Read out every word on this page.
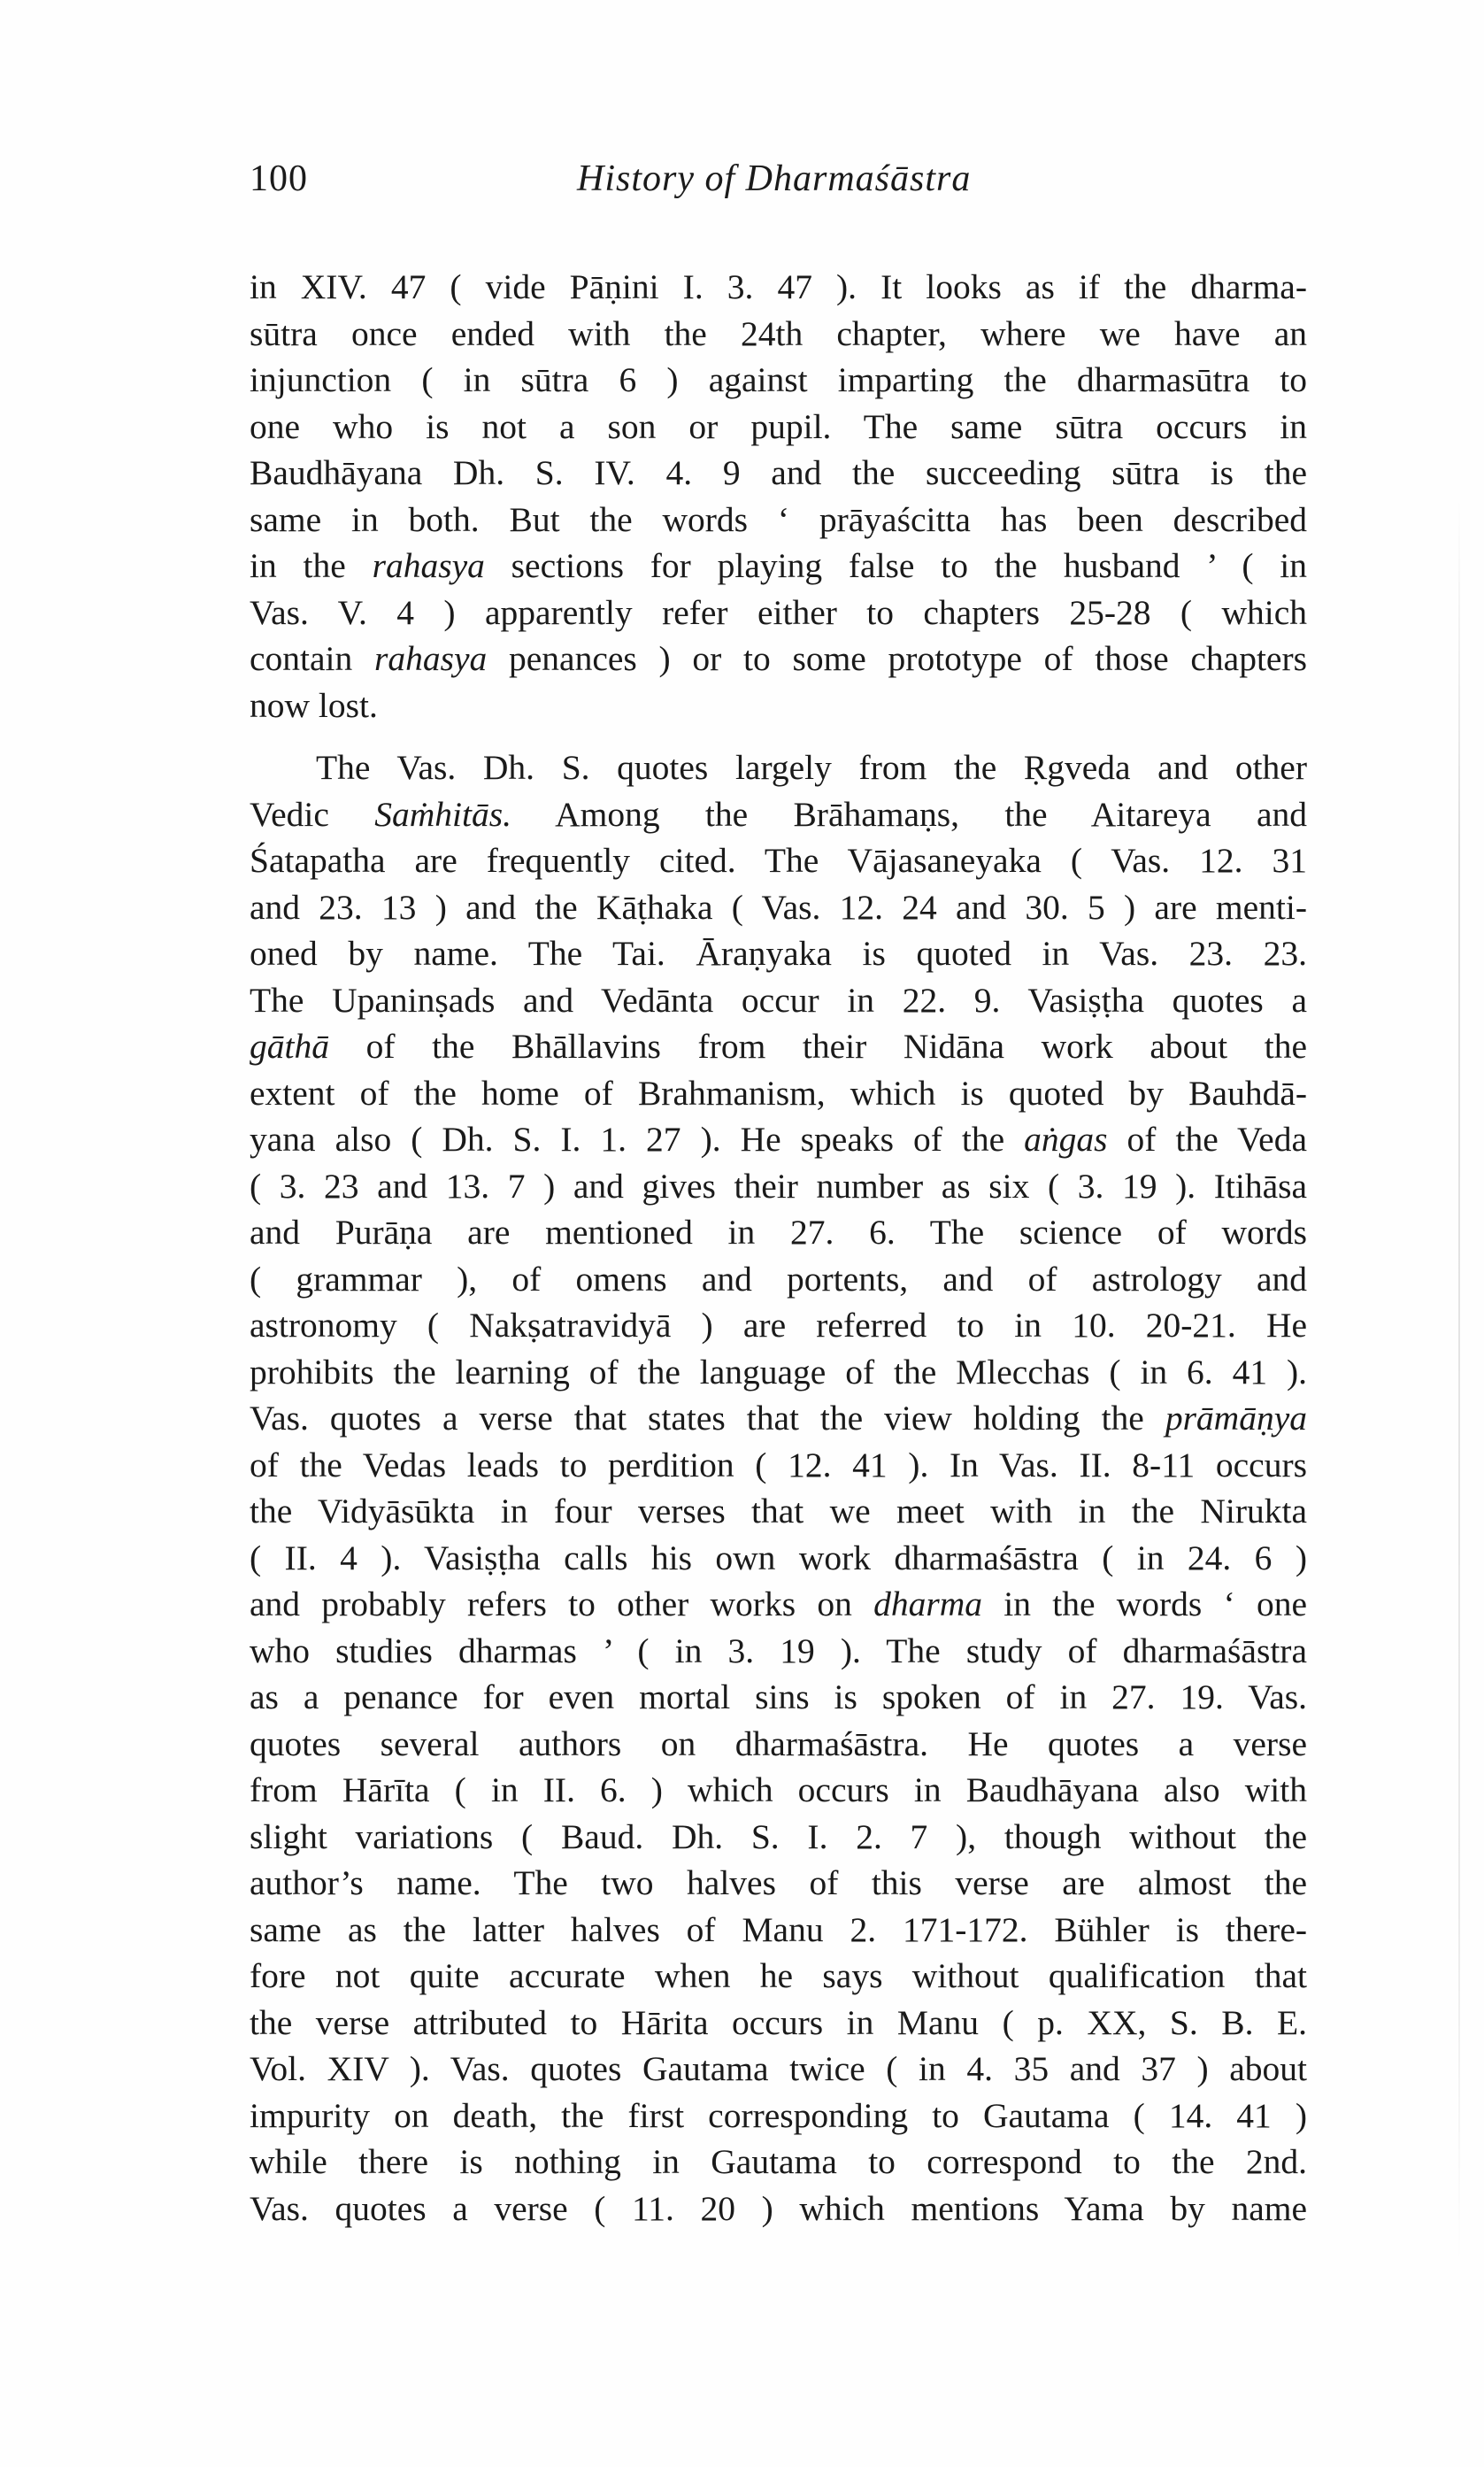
100	History of Dharmaśāstra
in XIV. 47 ( vide Pāṇini I. 3. 47 ). It looks as if the dharma-
sūtra once ended with the 24th chapter, where we have an
injunction ( in sūtra 6 ) against imparting the dharmasūtra to
one who is not a son or pupil. The same sūtra occurs in
Baudhāyana Dh. S. IV. 4. 9 and the succeeding sūtra is the
same in both. But the words ‘ prāyaścitta has been described
in the rahasya sections for playing false to the husband ’ ( in
Vas. V. 4 ) apparently refer either to chapters 25-28 ( which
contain rahasya penances ) or to some prototype of those chapters
now lost.
The Vas. Dh. S. quotes largely from the Ṛgveda and other
Vedic Saṁhitās. Among the Brāhamaṇs, the Aitareya and
Śatapatha are frequently cited. The Vājasaneyaka ( Vas. 12. 31
and 23. 13 ) and the Kāṭhaka ( Vas. 12. 24 and 30. 5 ) are menti-
oned by name. The Tai. Āraṇyaka is quoted in Vas. 23. 23.
The Upaninṣads and Vedānta occur in 22. 9. Vasiṣṭha quotes a
gāthā of the Bhāllavins from their Nidāna work about the
extent of the home of Brahmanism, which is quoted by Bauhdā-
yana also ( Dh. S. I. 1. 27 ). He speaks of the aṅgas of the Veda
( 3. 23 and 13. 7 ) and gives their number as six ( 3. 19 ). Itihāsa
and Purāṇa are mentioned in 27. 6. The science of words
( grammar ), of omens and portents, and of astrology and
astronomy ( Nakṣatravidyā ) are referred to in 10. 20-21. He
prohibits the learning of the language of the Mlecchas ( in 6. 41 ).
Vas. quotes a verse that states that the view holding the prāmāṇya
of the Vedas leads to perdition ( 12. 41 ). In Vas. II. 8-11 occurs
the Vidyāsūkta in four verses that we meet with in the Nirukta
( II. 4 ). Vasiṣṭha calls his own work dharmaśāstra ( in 24. 6 )
and probably refers to other works on dharma in the words ‘ one
who studies dharmas ’ ( in 3. 19 ). The study of dharmaśāstra
as a penance for even mortal sins is spoken of in 27. 19. Vas.
quotes several authors on dharmaśāstra. He quotes a verse
from Hārīta ( in II. 6. ) which occurs in Baudhāyana also with
slight variations ( Baud. Dh. S. I. 2. 7 ), though without the
author’s name. The two halves of this verse are almost the
same as the latter halves of Manu 2. 171-172. Bühler is there-
fore not quite accurate when he says without qualification that
the verse attributed to Hārita occurs in Manu ( p. XX, S. B. E.
Vol. XIV ). Vas. quotes Gautama twice ( in 4. 35 and 37 ) about
impurity on death, the first corresponding to Gautama ( 14. 41 )
while there is nothing in Gautama to correspond to the 2nd.
Vas. quotes a verse ( 11. 20 ) which mentions Yama by name
